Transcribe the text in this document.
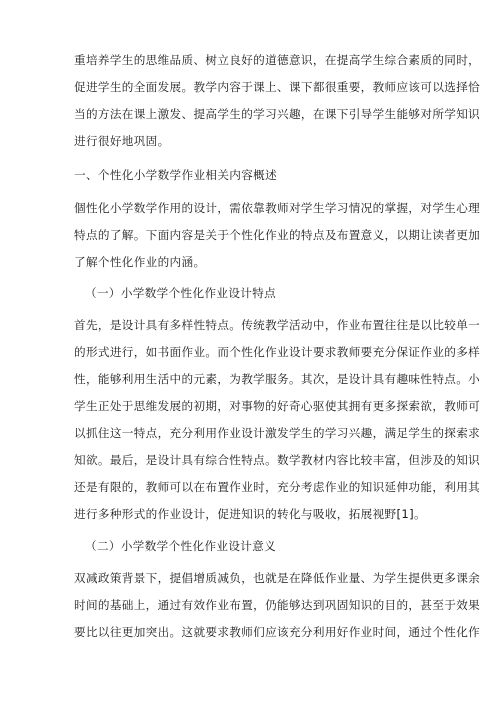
重培养学生的思维品质、树立良好的道德意识，在提高学生综合素质的同时，
促进学生的全面发展。教学内容于课上、课下都很重要，教师应该可以选择恰
当的方法在课上激发、提高学生的学习兴趣，在课下引导学生能够对所学知识
进行很好地巩固。
一、个性化小学数学作业相关内容概述
個性化小学数学作用的设计，需依靠教师对学生学习情况的掌握，对学生心理
特点的了解。下面内容是关于个性化作业的特点及布置意义，以期让读者更加
了解个性化作业的内涵。
（一）小学数学个性化作业设计特点
首先，是设计具有多样性特点。传统教学活动中，作业布置往往是以比较单一
的形式进行，如书面作业。而个性化作业设计要求教师要充分保证作业的多样
性，能够利用生活中的元素，为教学服务。其次，是设计具有趣味性特点。小
学生正处于思维发展的初期，对事物的好奇心驱使其拥有更多探索欲，教师可
以抓住这一特点，充分利用作业设计激发学生的学习兴趣，满足学生的探索求
知欲。最后，是设计具有综合性特点。数学教材内容比较丰富，但涉及的知识
还是有限的，教师可以在布置作业时，充分考虑作业的知识延伸功能，利用其
进行多种形式的作业设计，促进知识的转化与吸收，拓展视野[1]。
（二）小学数学个性化作业设计意义
双减政策背景下，提倡增质减负，也就是在降低作业量、为学生提供更多课余
时间的基础上，通过有效作业布置，仍能够达到巩固知识的目的，甚至于效果
要比以往更加突出。这就要求教师们应该充分利用好作业时间，通过个性化作
